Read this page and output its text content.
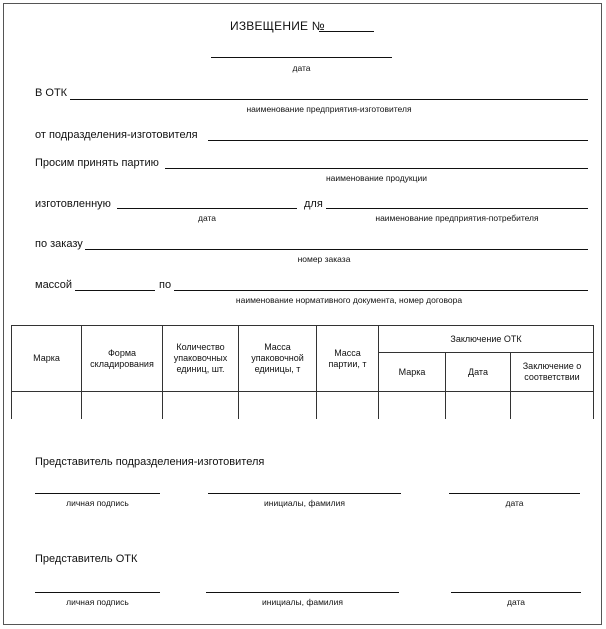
ИЗВЕЩЕНИЕ №
дата
В ОТК
наименование предприятия-изготовителя
от подразделения-изготовителя
Просим принять партию
наименование продукции
изготовленную
дата
для
наименование предприятия-потребителя
по заказу
номер заказа
массой	по
наименование нормативного документа, номер договора
Марка	Форма складирования	Количество упаковочных единиц, шт.	Масса упаковочной единицы, т	Масса партии, т	Заключение ОТК		
					Марка	Дата	Заключение о соответствии

Представитель подразделения-изготовителя
личная подпись	инициалы, фамилия	дата
Представитель ОТК
личная подпись	инициалы, фамилия	дата
